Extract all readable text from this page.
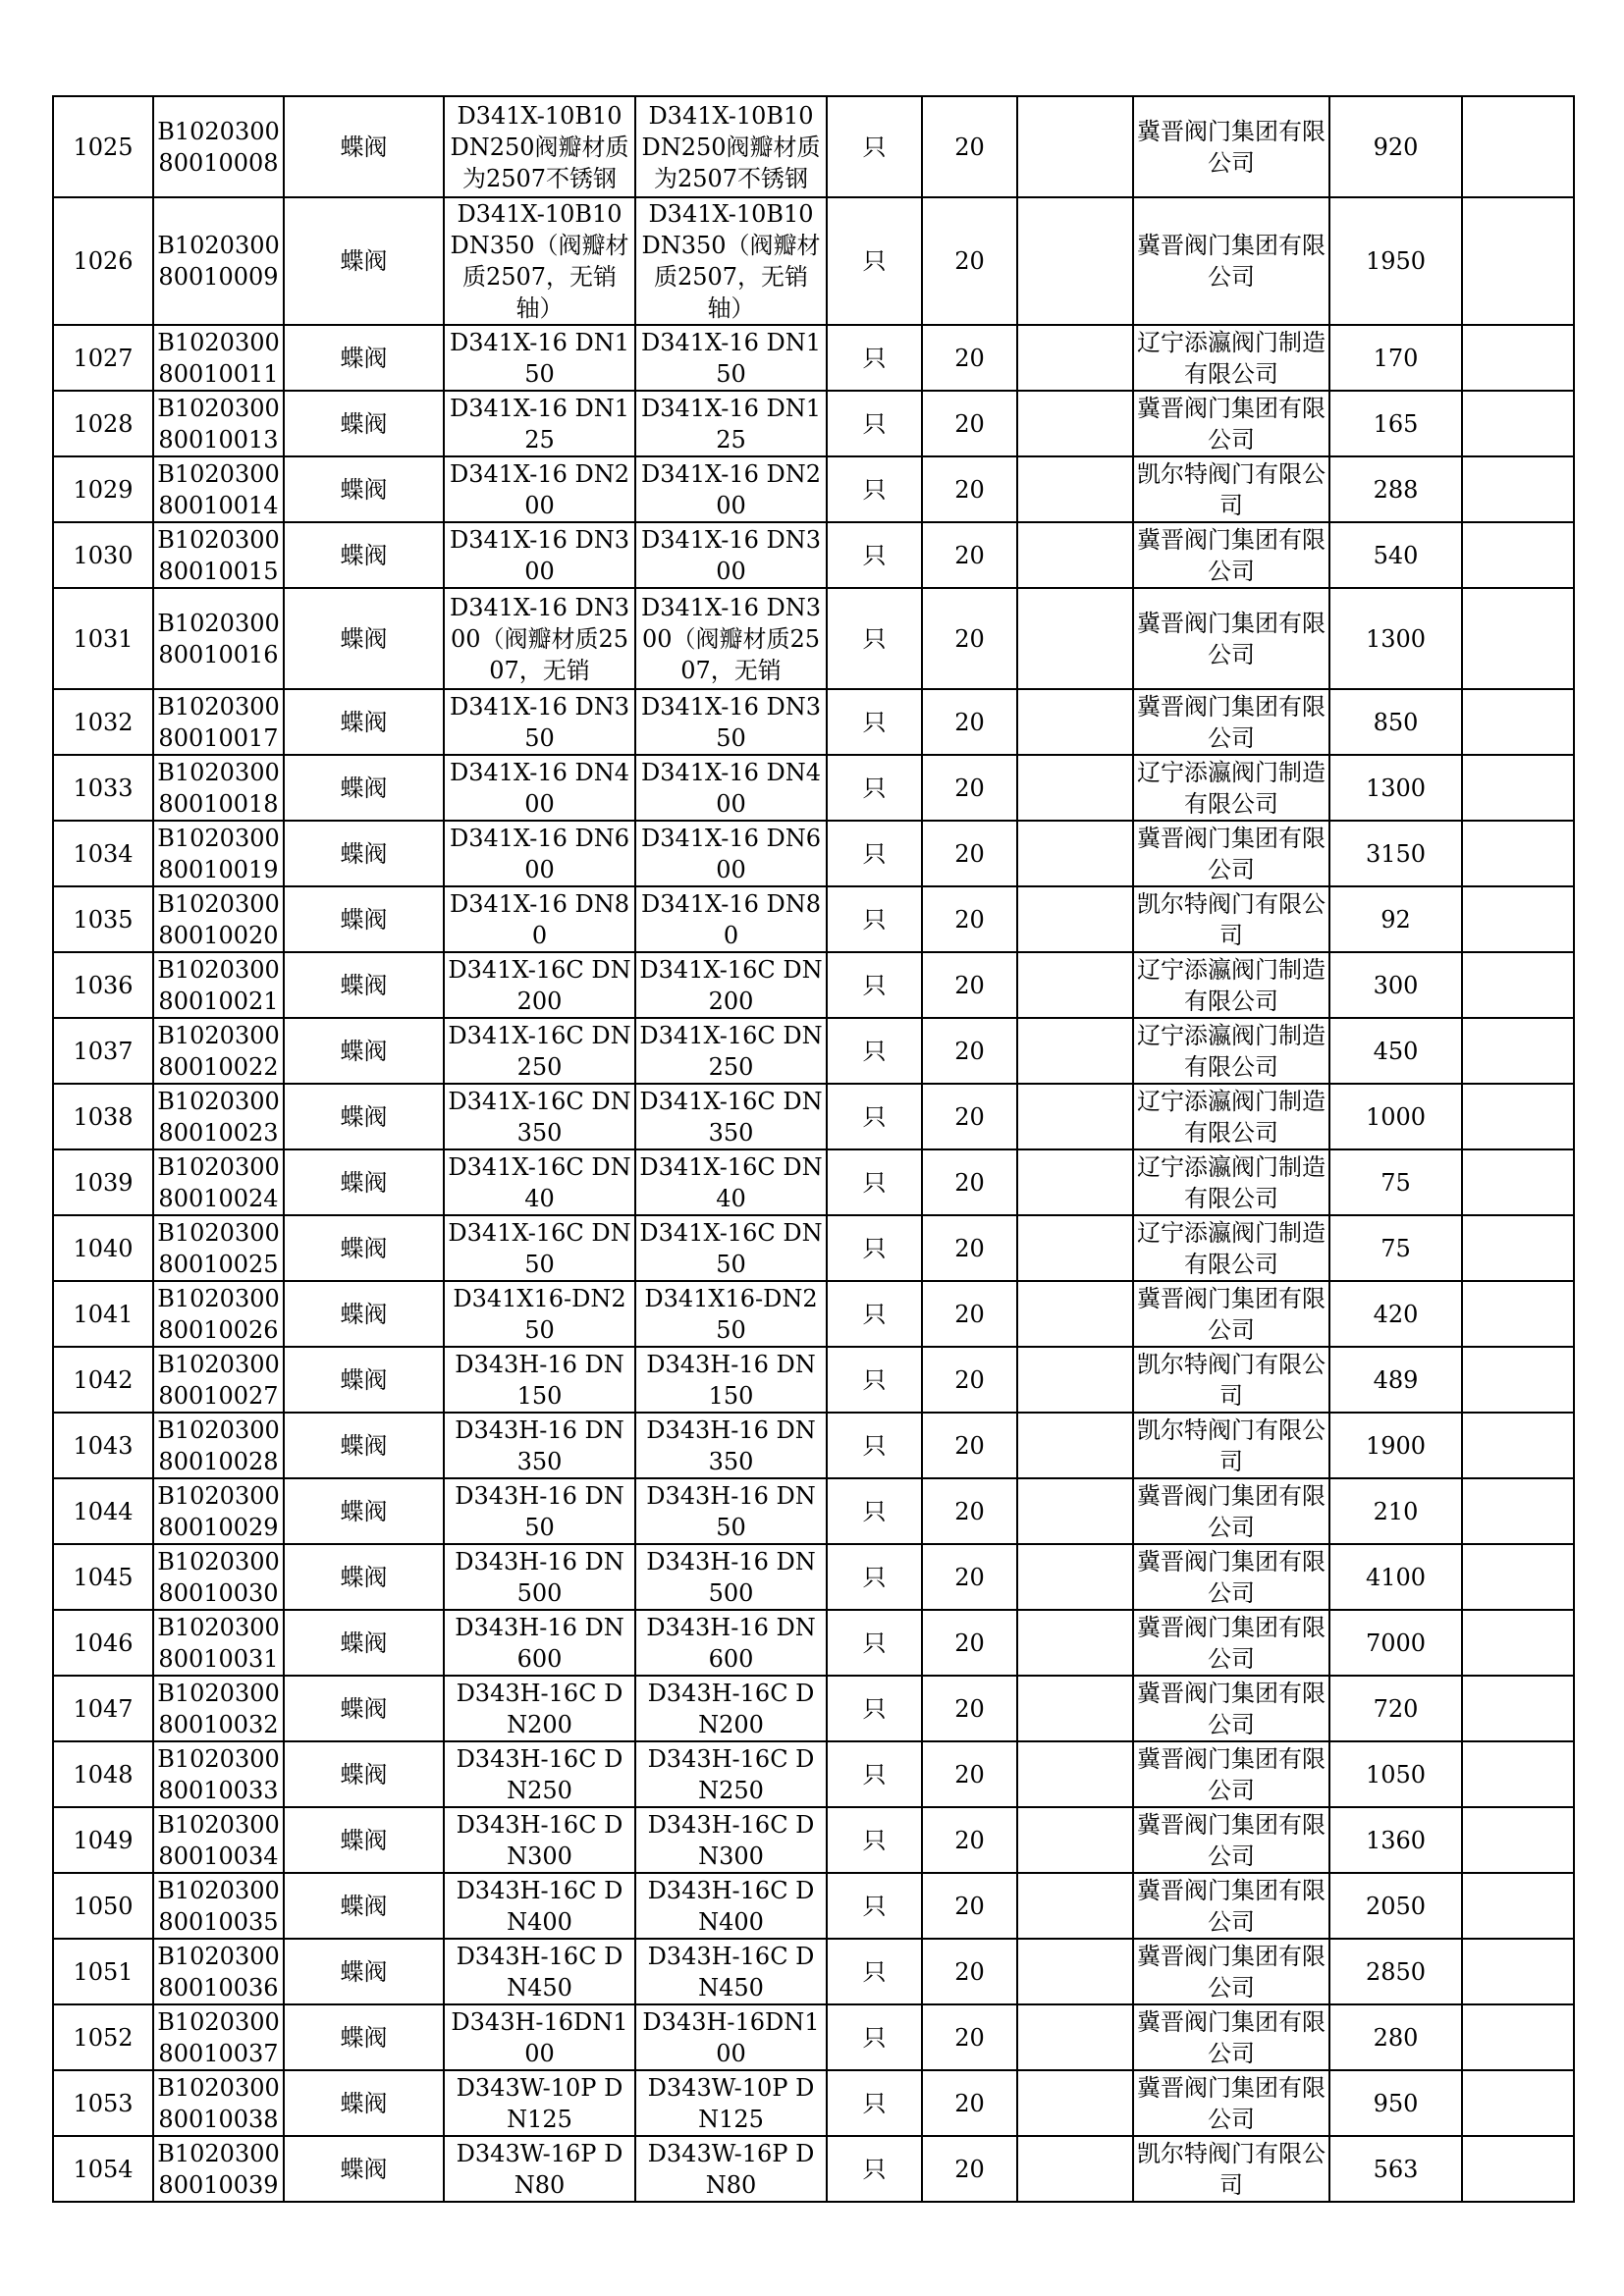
1025	B1020300 80010008	蝶阀	D341X-10B10 DN250阀瓣材质为2507不锈钢	D341X-10B10 DN250阀瓣材质为2507不锈钢	只	20		冀晋阀门集团有限公司	920	

1026	B1020300 80010009	蝶阀	D341X-10B10 DN350（阀瓣材质2507，无销轴）	D341X-10B10 DN350（阀瓣材质2507，无销轴）	只	20		冀晋阀门集团有限公司	1950	

1027	B1020300 80010011	蝶阀	D341X-16 DN150	D341X-16 DN150	只	20		辽宁添瀛阀门制造有限公司	170	

1028	B1020300 80010013	蝶阀	D341X-16 DN125	D341X-16 DN125	只	20		冀晋阀门集团有限公司	165	

1029	B1020300 80010014	蝶阀	D341X-16 DN200	D341X-16 DN200	只	20		凯尔特阀门有限公司	288	

1030	B1020300 80010015	蝶阀	D341X-16 DN300	D341X-16 DN300	只	20		冀晋阀门集团有限公司	540	

1031	B1020300 80010016	蝶阀	D341X-16 DN300（阀瓣材质2507，无销	D341X-16 DN300（阀瓣材质2507，无销	只	20		冀晋阀门集团有限公司	1300	

1032	B1020300 80010017	蝶阀	D341X-16 DN350	D341X-16 DN350	只	20		冀晋阀门集团有限公司	850	

1033	B1020300 80010018	蝶阀	D341X-16 DN400	D341X-16 DN400	只	20		辽宁添瀛阀门制造有限公司	1300	

1034	B1020300 80010019	蝶阀	D341X-16 DN600	D341X-16 DN600	只	20		冀晋阀门集团有限公司	3150	

1035	B1020300 80010020	蝶阀	D341X-16 DN80	D341X-16 DN80	只	20		凯尔特阀门有限公司	92	

1036	B1020300 80010021	蝶阀	D341X-16C DN200	D341X-16C DN200	只	20		辽宁添瀛阀门制造有限公司	300	

1037	B1020300 80010022	蝶阀	D341X-16C DN250	D341X-16C DN250	只	20		辽宁添瀛阀门制造有限公司	450	

1038	B1020300 80010023	蝶阀	D341X-16C DN350	D341X-16C DN350	只	20		辽宁添瀛阀门制造有限公司	1000	

1039	B1020300 80010024	蝶阀	D341X-16C DN40	D341X-16C DN40	只	20		辽宁添瀛阀门制造有限公司	75	

1040	B1020300 80010025	蝶阀	D341X-16C DN50	D341X-16C DN50	只	20		辽宁添瀛阀门制造有限公司	75	

1041	B1020300 80010026	蝶阀	D341X16-DN250	D341X16-DN250	只	20		冀晋阀门集团有限公司	420	

1042	B1020300 80010027	蝶阀	D343H-16 DN150	D343H-16 DN150	只	20		凯尔特阀门有限公司	489	

1043	B1020300 80010028	蝶阀	D343H-16 DN350	D343H-16 DN350	只	20		凯尔特阀门有限公司	1900	

1044	B1020300 80010029	蝶阀	D343H-16 DN50	D343H-16 DN50	只	20		冀晋阀门集团有限公司	210	

1045	B1020300 80010030	蝶阀	D343H-16 DN500	D343H-16 DN500	只	20		冀晋阀门集团有限公司	4100	

1046	B1020300 80010031	蝶阀	D343H-16 DN600	D343H-16 DN600	只	20		冀晋阀门集团有限公司	7000	

1047	B1020300 80010032	蝶阀	D343H-16C DN200	D343H-16C DN200	只	20		冀晋阀门集团有限公司	720	

1048	B1020300 80010033	蝶阀	D343H-16C DN250	D343H-16C DN250	只	20		冀晋阀门集团有限公司	1050	

1049	B1020300 80010034	蝶阀	D343H-16C DN300	D343H-16C DN300	只	20		冀晋阀门集团有限公司	1360	

1050	B1020300 80010035	蝶阀	D343H-16C DN400	D343H-16C DN400	只	20		冀晋阀门集团有限公司	2050	

1051	B1020300 80010036	蝶阀	D343H-16C DN450	D343H-16C DN450	只	20		冀晋阀门集团有限公司	2850	

1052	B1020300 80010037	蝶阀	D343H-16DN100	D343H-16DN100	只	20		冀晋阀门集团有限公司	280	

1053	B1020300 80010038	蝶阀	D343W-10P DN125	D343W-10P DN125	只	20		冀晋阀门集团有限公司	950	

1054	B1020300 80010039	蝶阀	D343W-16P DN80	D343W-16P DN80	只	20		凯尔特阀门有限公司	563	
